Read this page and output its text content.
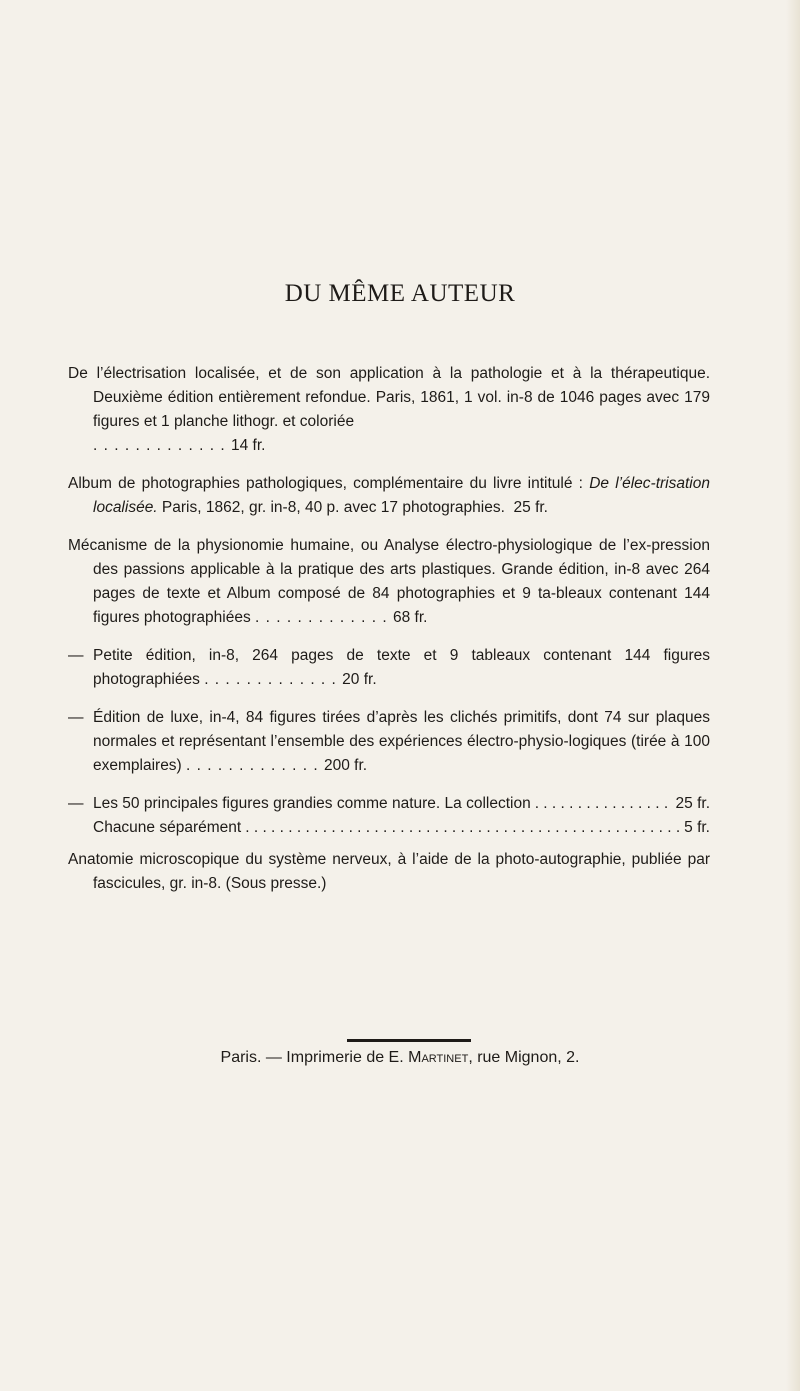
DU MÊME AUTEUR
De l’électrisation localisée, et de son application à la pathologie et à la thérapeutique. Deuxième édition entièrement refondue. Paris, 1861, 1 vol. in-8 de 1046 pages avec 179 figures et 1 planche lithogr. et coloriée
. . . . . . . . . . . . . 14 fr.
Album de photographies pathologiques, complémentaire du livre intitulé : De l’élec-trisation localisée. Paris, 1862, gr. in-8, 40 p. avec 17 photographies. 25 fr.
Mécanisme de la physionomie humaine, ou Analyse électro-physiologique de l’ex-pression des passions applicable à la pratique des arts plastiques. Grande édition, in-8 avec 264 pages de texte et Album composé de 84 photographies et 9 ta-bleaux contenant 144 figures photographiées . . . . . . . . . . . . . 68 fr.
— Petite édition, in-8, 264 pages de texte et 9 tableaux contenant 144 figures photographiées . . . . . . . . . . . . . 20 fr.
— Édition de luxe, in-4, 84 figures tirées d’après les clichés primitifs, dont 74 sur plaques normales et représentant l’ensemble des expériences électro-physio-logiques (tirée à 100 exemplaires) . . . . . . . . . . . . . 200 fr.
— Les 50 principales figures grandies comme nature. La collection . . .	25 fr.
Chacune séparément . . .	5 fr.
Anatomie microscopique du système nerveux, à l’aide de la photo-autographie, publiée par fascicules, gr. in-8. (Sous presse.)
Paris. — Imprimerie de E. Martinet, rue Mignon, 2.
